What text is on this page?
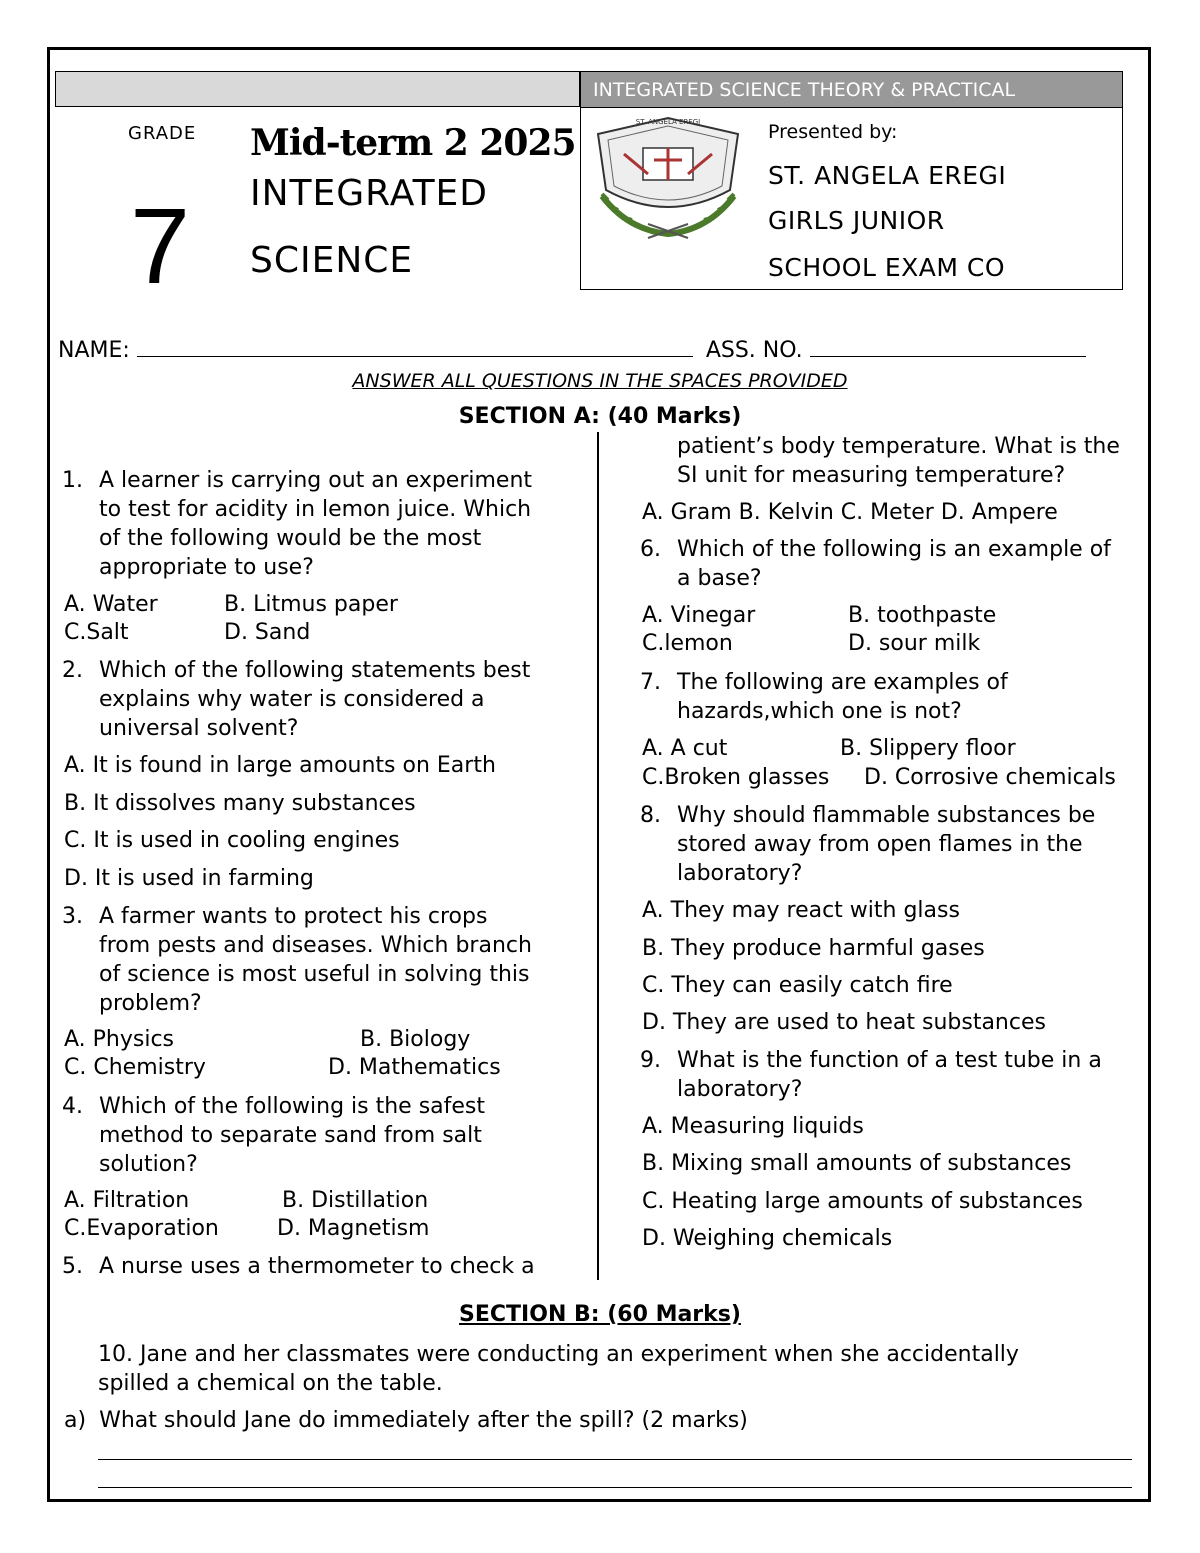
INTEGRATED SCIENCE THEORY & PRACTICAL
GRADE
7
Mid-term 2 2025
INTEGRATED
SCIENCE
ST. ANGELA EREGI	Presented by:
ST. ANGELA EREGI
GIRLS JUNIOR
SCHOOL EXAM CO
NAME:	ASS. NO.
ANSWER ALL QUESTIONS IN THE SPACES PROVIDED
SECTION A: (40 Marks)
1. A learner is carrying out an experiment
to test for acidity in lemon juice. Which
of the following would be the most
appropriate to use?
A. Water	B. Litmus paper
C.Salt	D. Sand
2. Which of the following statements best
explains why water is considered a
universal solvent?
A. It is found in large amounts on Earth
B. It dissolves many substances
C. It is used in cooling engines
D. It is used in farming
3. A farmer wants to protect his crops
from pests and diseases. Which branch
of science is most useful in solving this
problem?
A. Physics	B. Biology
C. Chemistry	D. Mathematics
4. Which of the following is the safest
method to separate sand from salt
solution?
A. Filtration	B. Distillation
C.Evaporation	D. Magnetism
5. A nurse uses a thermometer to check a
patient’s body temperature. What is the
SI unit for measuring temperature?
A. Gram B. Kelvin C. Meter D. Ampere
6. Which of the following is an example of
a base?
A. Vinegar	B. toothpaste
C.lemon	D. sour milk
7. The following are examples of
hazards,which one is not?
A. A cut	B. Slippery floor
C.Broken glasses D. Corrosive chemicals
8. Why should flammable substances be
stored away from open flames in the
laboratory?
A. They may react with glass
B. They produce harmful gases
C. They can easily catch fire
D. They are used to heat substances
9. What is the function of a test tube in a
laboratory?
A. Measuring liquids
B. Mixing small amounts of substances
C. Heating large amounts of substances
D. Weighing chemicals
SECTION B: (60 Marks)
10. Jane and her classmates were conducting an experiment when she accidentally
spilled a chemical on the table.
a) What should Jane do immediately after the spill? (2 marks)
